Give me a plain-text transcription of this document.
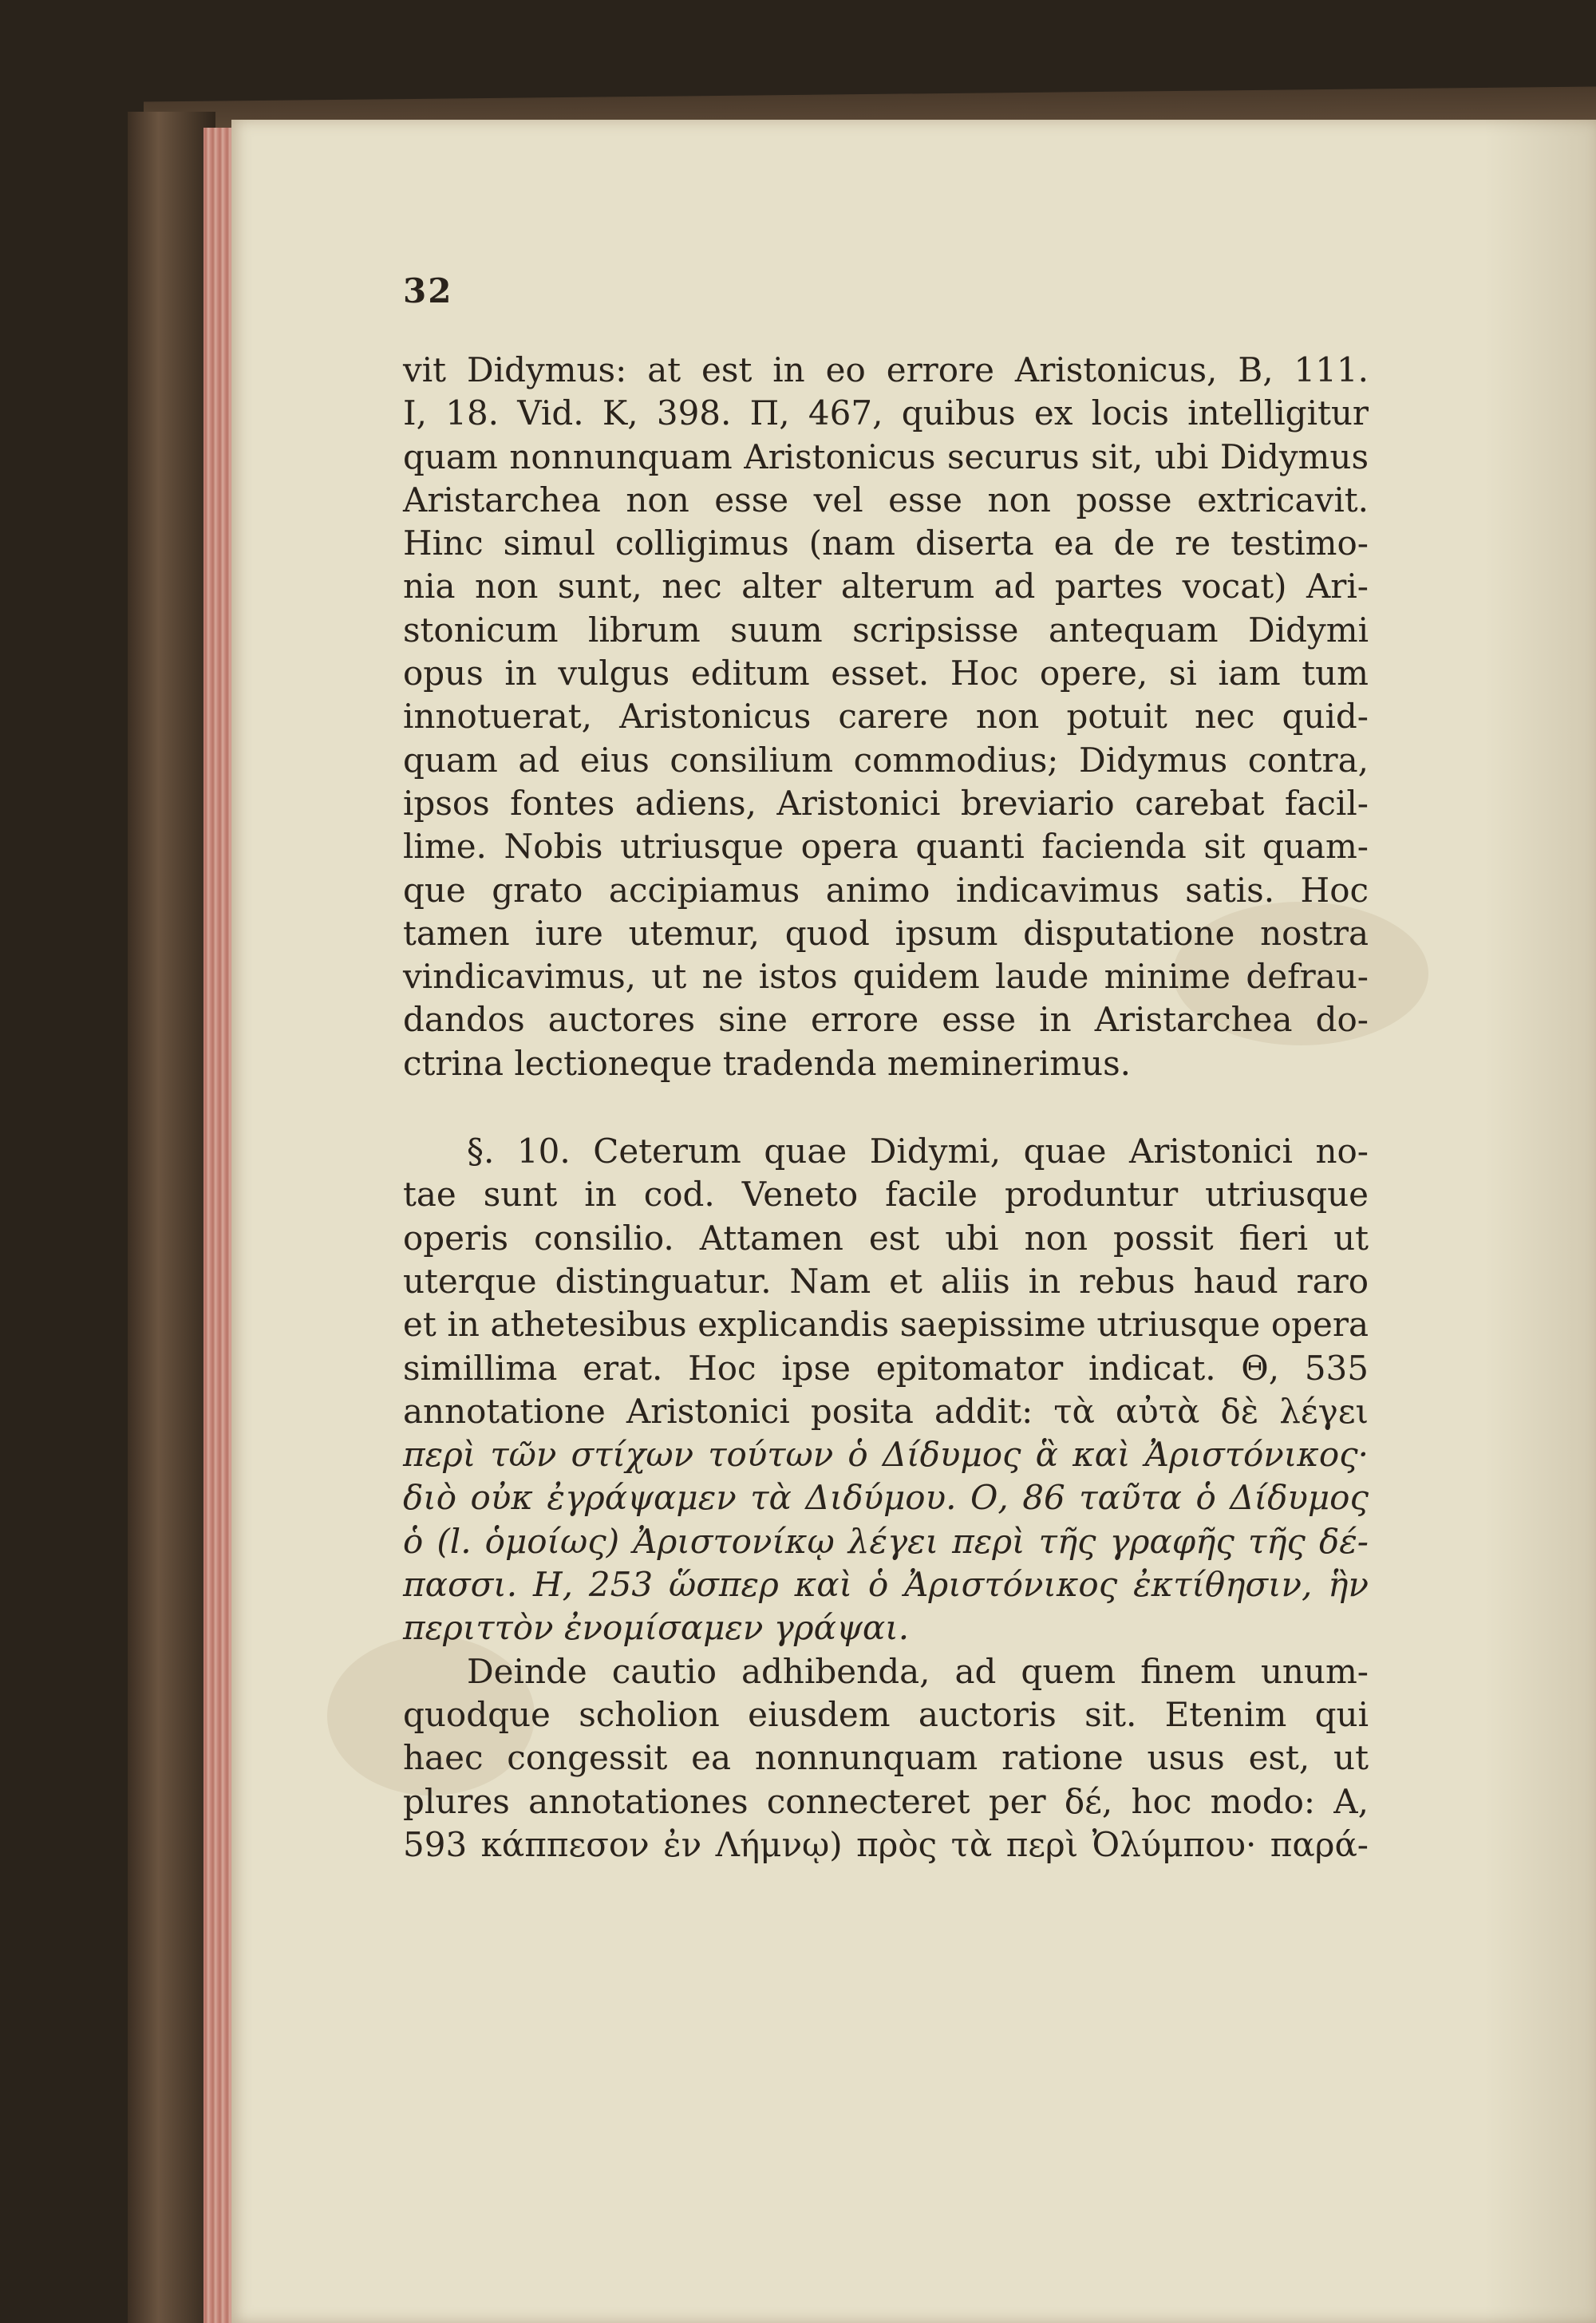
32

vit Didymus: at est in eo errore Aristonicus, B, 111.
I, 18. Vid. K, 398. Π, 467, quibus ex locis intelligitur
quam nonnunquam Aristonicus securus sit, ubi Didymus
Aristarchea non esse vel esse non posse extricavit.
Hinc simul colligimus (nam diserta ea de re testimo-
nia non sunt, nec alter alterum ad partes vocat) Ari-
stonicum librum suum scripsisse antequam Didymi
opus in vulgus editum esset. Hoc opere, si iam tum
innotuerat, Aristonicus carere non potuit nec quid-
quam ad eius consilium commodius; Didymus contra,
ipsos fontes adiens, Aristonici breviario carebat facil-
lime. Nobis utriusque opera quanti facienda sit quam-
que grato accipiamus animo indicavimus satis. Hoc
tamen iure utemur, quod ipsum disputatione nostra
vindicavimus, ut ne istos quidem laude minime defrau-
dandos auctores sine errore esse in Aristarchea do-
ctrina lectioneque tradenda meminerimus.

§. 10. Ceterum quae Didymi, quae Aristonici no-

tae sunt in cod. Veneto facile produntur utriusque
operis consilio. Attamen est ubi non possit fieri ut
uterque distinguatur. Nam et aliis in rebus haud raro
et in athetesibus explicandis saepissime utriusque opera
simillima erat. Hoc ipse epitomator indicat. Θ, 535
annotatione Aristonici posita addit: τὰ αὐτὰ δὲ λέγει
περὶ τῶν στίχων τούτων ὁ Δίδυμος ἃ καὶ Ἀριστόνικος·
διὸ οὐκ ἐγράψαμεν τὰ Διδύμου. Ο, 86 ταῦτα ὁ Δίδυμος
ὁ (l. ὁμοίως) Ἀριστονίκῳ λέγει περὶ τῆς γραφῆς τῆς δέ-
πασσι. Η, 253 ὥσπερ καὶ ὁ Ἀριστόνικος ἐκτίθησιν, ἣν
περιττὸν ἐνομίσαμεν γράψαι.

Deinde cautio adhibenda, ad quem finem unum-

quodque scholion eiusdem auctoris sit. Etenim qui
haec congessit ea nonnunquam ratione usus est, ut
plures annotationes connecteret per δέ, hoc modo: Α,
593 κάππεσον ἐν Λήμνῳ) πρὸς τὰ περὶ Ὀλύμπου· παρά-
